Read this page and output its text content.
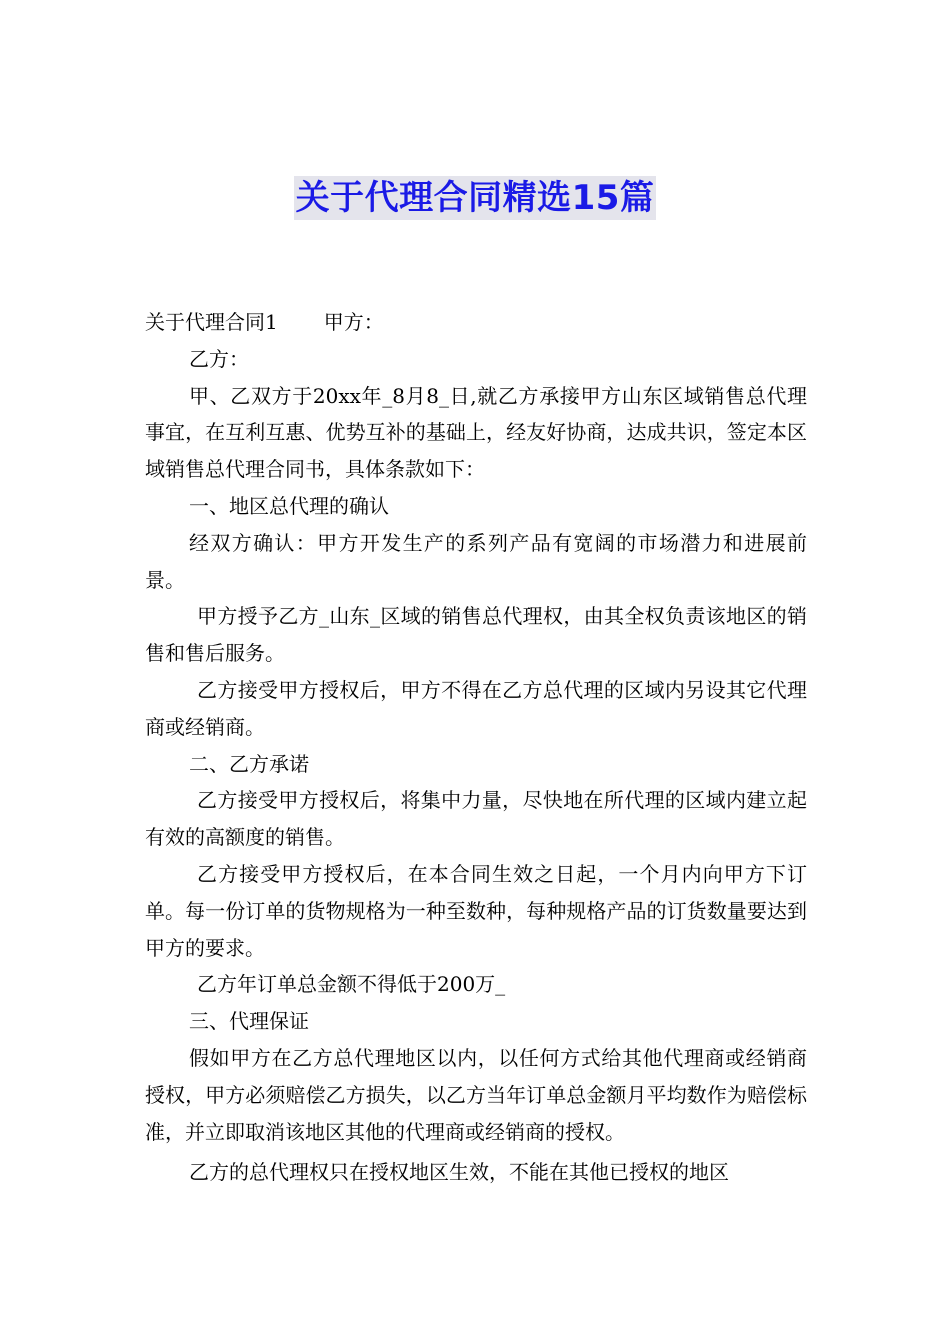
关于代理合同精选15篇

关于代理合同1 甲方：

乙方：

甲、乙双方于20xx年_8月8_日,就乙方承接甲方山东区域销售总代理事宜，在互利互惠、优势互补的基础上，经友好协商，达成共识，签定本区域销售总代理合同书，具体条款如下：

一、地区总代理的确认

经双方确认：甲方开发生产的系列产品有宽阔的市场潜力和进展前景。

甲方授予乙方_山东_区域的销售总代理权，由其全权负责该地区的销售和售后服务。

乙方接受甲方授权后，甲方不得在乙方总代理的区域内另设其它代理商或经销商。

二、乙方承诺

乙方接受甲方授权后，将集中力量，尽快地在所代理的区域内建立起有效的高额度的销售。

乙方接受甲方授权后，在本合同生效之日起，一个月内向甲方下订单。每一份订单的货物规格为一种至数种，每种规格产品的订货数量要达到甲方的要求。

乙方年订单总金额不得低于200万_

三、代理保证

假如甲方在乙方总代理地区以内，以任何方式给其他代理商或经销商授权，甲方必须赔偿乙方损失，以乙方当年订单总金额月平均数作为赔偿标准，并立即取消该地区其他的代理商或经销商的授权。

乙方的总代理权只在授权地区生效，不能在其他已授权的地区
